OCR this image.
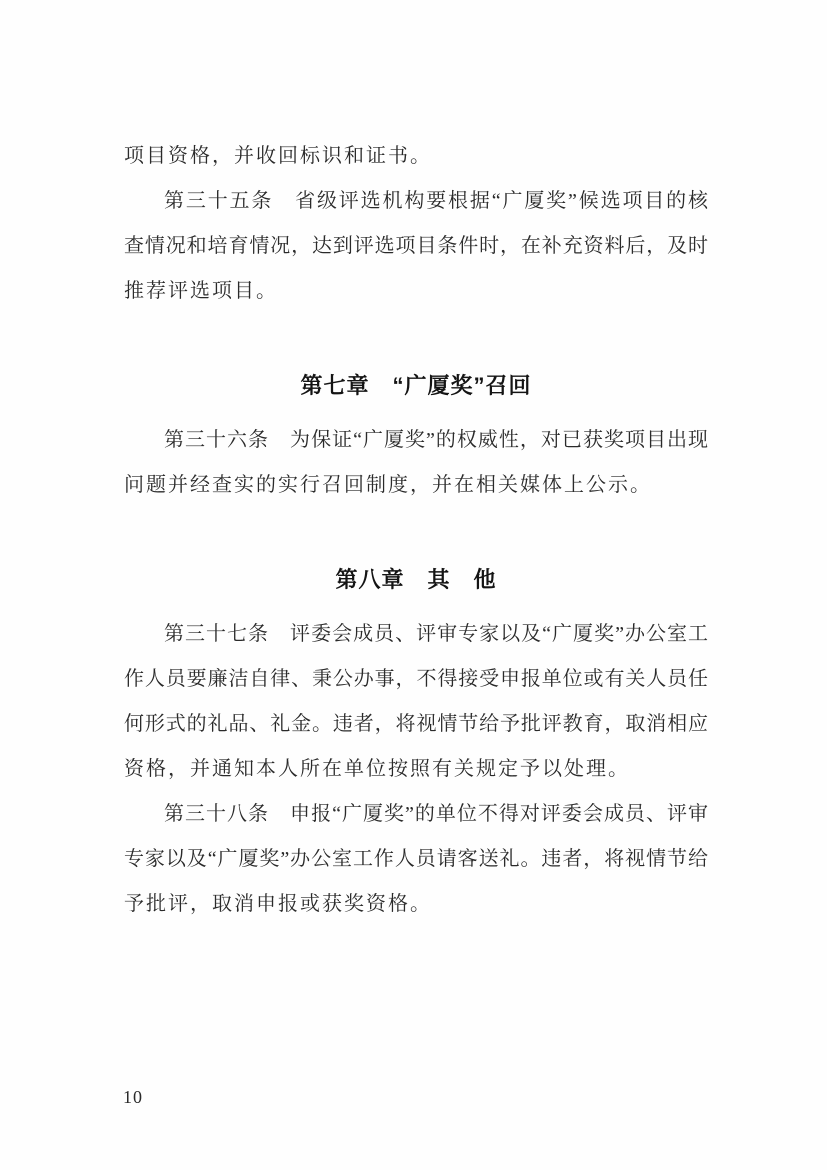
项目资格，并收回标识和证书。
第三十五条　省级评选机构要根据“广厦奖”候选项目的核
查情况和培育情况，达到评选项目条件时，在补充资料后，及时
推荐评选项目。
第七章　“广厦奖”召回
第三十六条　为保证“广厦奖”的权威性，对已获奖项目出现
问题并经查实的实行召回制度，并在相关媒体上公示。
第八章　其　他
第三十七条　评委会成员、评审专家以及“广厦奖”办公室工
作人员要廉洁自律、秉公办事，不得接受申报单位或有关人员任
何形式的礼品、礼金。违者，将视情节给予批评教育，取消相应
资格，并通知本人所在单位按照有关规定予以处理。
第三十八条　申报“广厦奖”的单位不得对评委会成员、评审
专家以及“广厦奖”办公室工作人员请客送礼。违者，将视情节给
予批评，取消申报或获奖资格。
10
